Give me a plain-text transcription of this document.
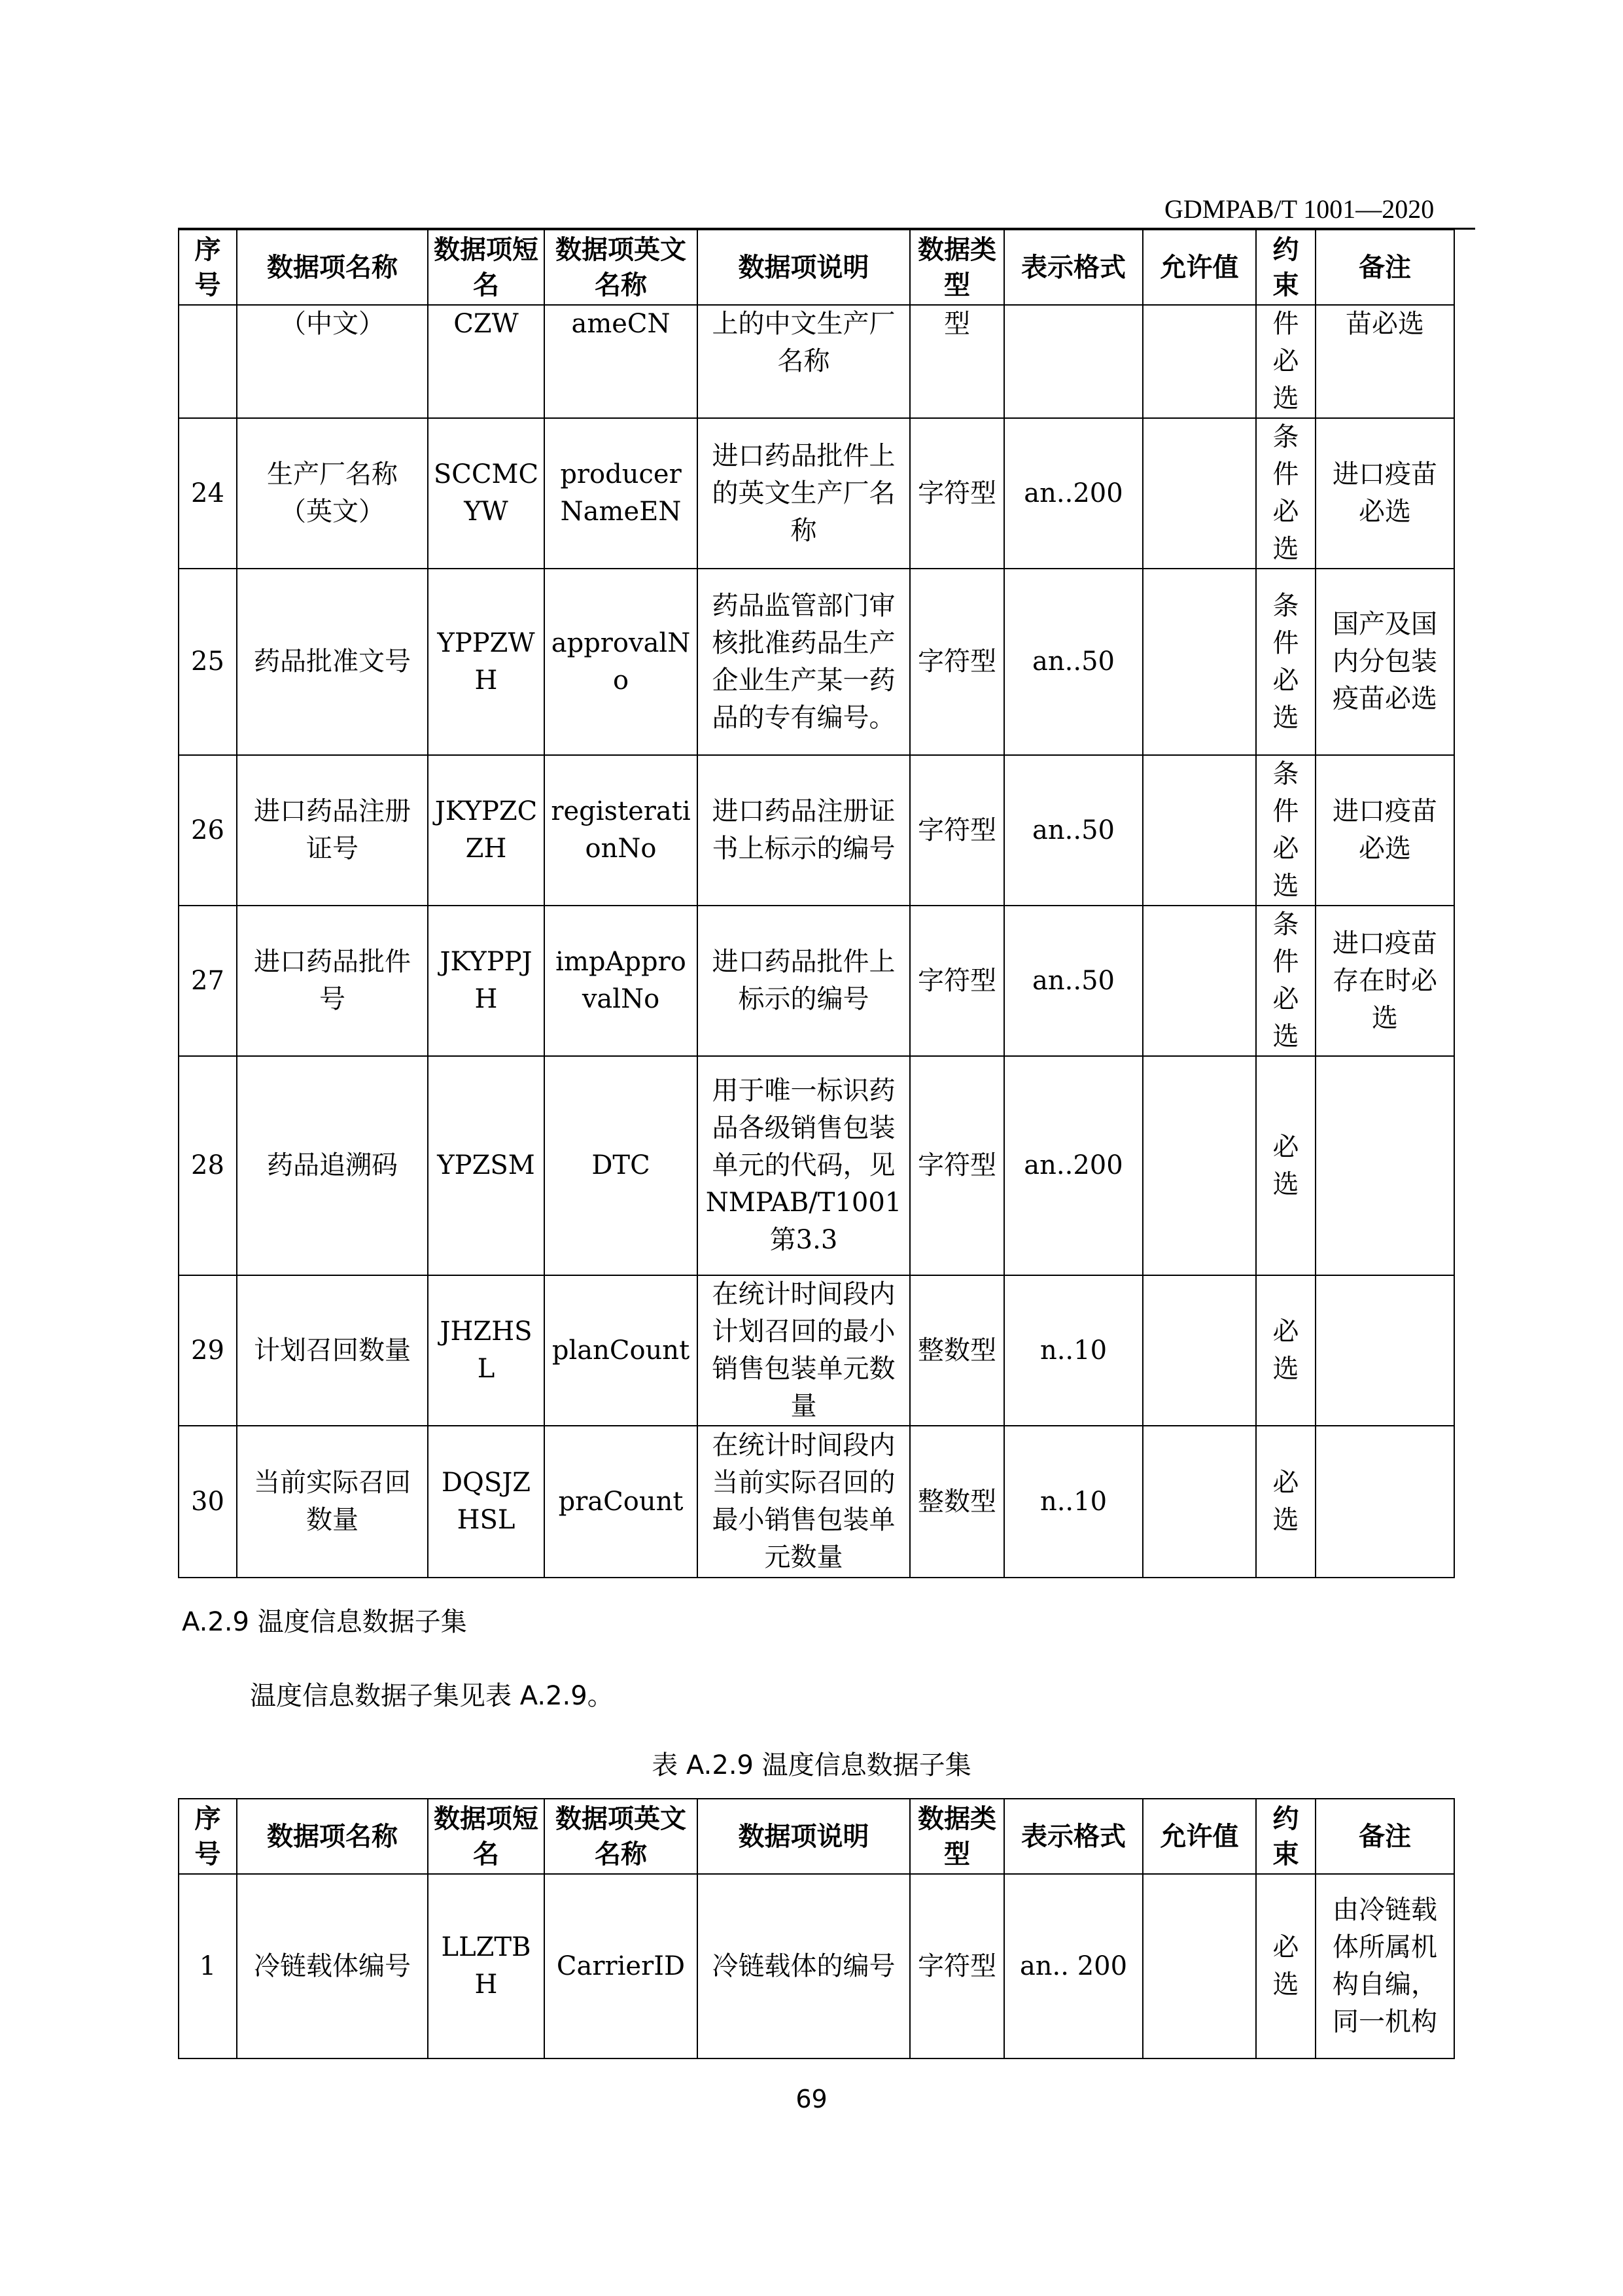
GDMPAB/T 1001—2020
序号	数据项名称	数据项短名	数据项英文名称	数据项说明	数据类型	表示格式	允许值	约束	备注
	（中文）	CZW	ameCN	上的中文生产厂名称	型			件必选	苗必选
24	生产厂名称（英文）	SCCMCYW	producerNameEN	进口药品批件上的英文生产厂名称	字符型	an..200		条件必选	进口疫苗必选
25	药品批准文号	YPPZWH	approvalNo	药品监管部门审核批准药品生产企业生产某一药品的专有编号。	字符型	an..50		条件必选	国产及国内分包装疫苗必选
26	进口药品注册证号	JKYPZCZH	registerationNo	进口药品注册证书上标示的编号	字符型	an..50		条件必选	进口疫苗必选
27	进口药品批件号	JKYPPJH	impApprovalNo	进口药品批件上标示的编号	字符型	an..50		条件必选	进口疫苗存在时必选
28	药品追溯码	YPZSM	DTC	用于唯一标识药品各级销售包装单元的代码，见NMPAB/T1001第3.3	字符型	an..200		必选	
29	计划召回数量	JHZHSL	planCount	在统计时间段内计划召回的最小销售包装单元数量	整数型	n..10		必选	
30	当前实际召回数量	DQSJZHSL	praCount	在统计时间段内当前实际召回的最小销售包装单元数量	整数型	n..10		必选	
A.2.9 温度信息数据子集
温度信息数据子集见表 A.2.9。
表 A.2.9 温度信息数据子集
序号	数据项名称	数据项短名	数据项英文名称	数据项说明	数据类型	表示格式	允许值	约束	备注
1	冷链载体编号	LLZTBH	CarrierID	冷链载体的编号	字符型	an.. 200		必选	由冷链载体所属机构自编，同一机构
69
